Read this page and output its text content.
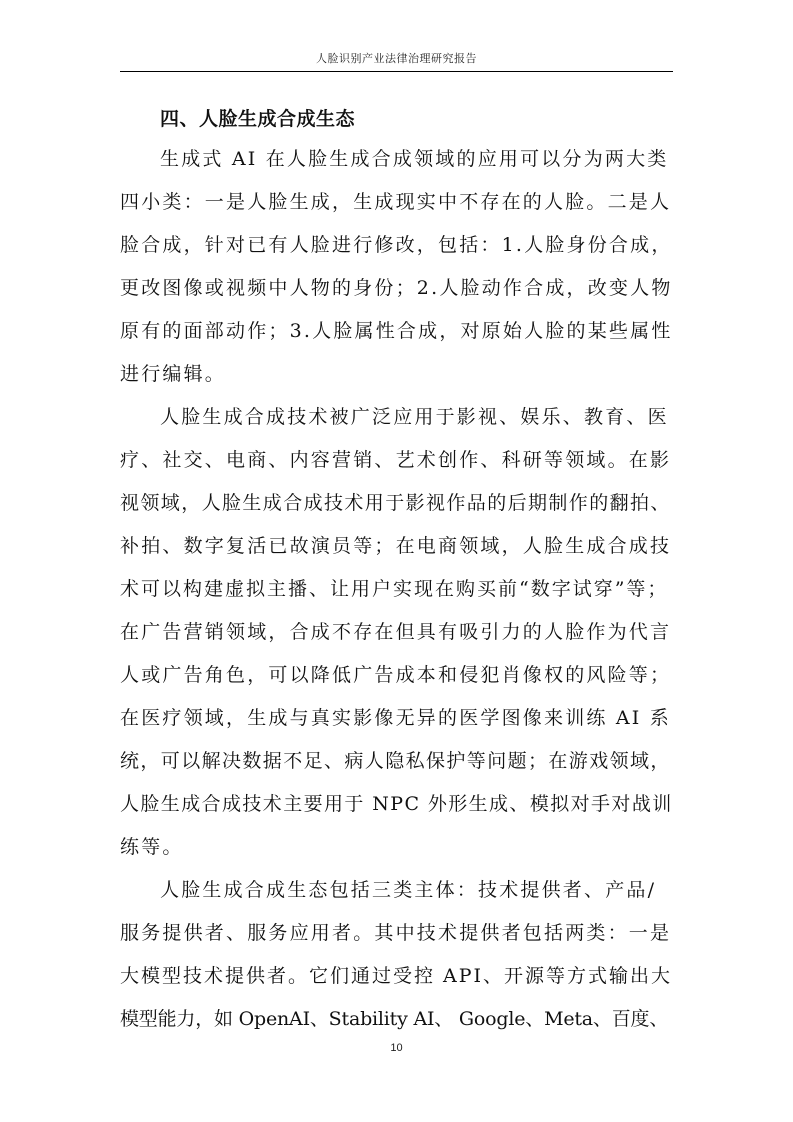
人脸识别产业法律治理研究报告
四、人脸生成合成生态
生成式 AI 在人脸生成合成领域的应用可以分为两大类
四小类：一是人脸生成，生成现实中不存在的人脸。二是人
脸合成，针对已有人脸进行修改，包括：1.人脸身份合成，
更改图像或视频中人物的身份；2.人脸动作合成，改变人物
原有的面部动作；3.人脸属性合成，对原始人脸的某些属性
进行编辑。
人脸生成合成技术被广泛应用于影视、娱乐、教育、医
疗、社交、电商、内容营销、艺术创作、科研等领域。在影
视领域，人脸生成合成技术用于影视作品的后期制作的翻拍、
补拍、数字复活已故演员等；在电商领域，人脸生成合成技
术可以构建虚拟主播、让用户实现在购买前“数字试穿”等；
在广告营销领域，合成不存在但具有吸引力的人脸作为代言
人或广告角色，可以降低广告成本和侵犯肖像权的风险等；
在医疗领域，生成与真实影像无异的医学图像来训练 AI 系
统，可以解决数据不足、病人隐私保护等问题；在游戏领域，
人脸生成合成技术主要用于 NPC 外形生成、模拟对手对战训
练等。
人脸生成合成生态包括三类主体：技术提供者、产品/
服务提供者、服务应用者。其中技术提供者包括两类：一是
大模型技术提供者。它们通过受控 API、开源等方式输出大
模型能力，如 OpenAI、Stability AI、 Google、Meta、百度、
10
